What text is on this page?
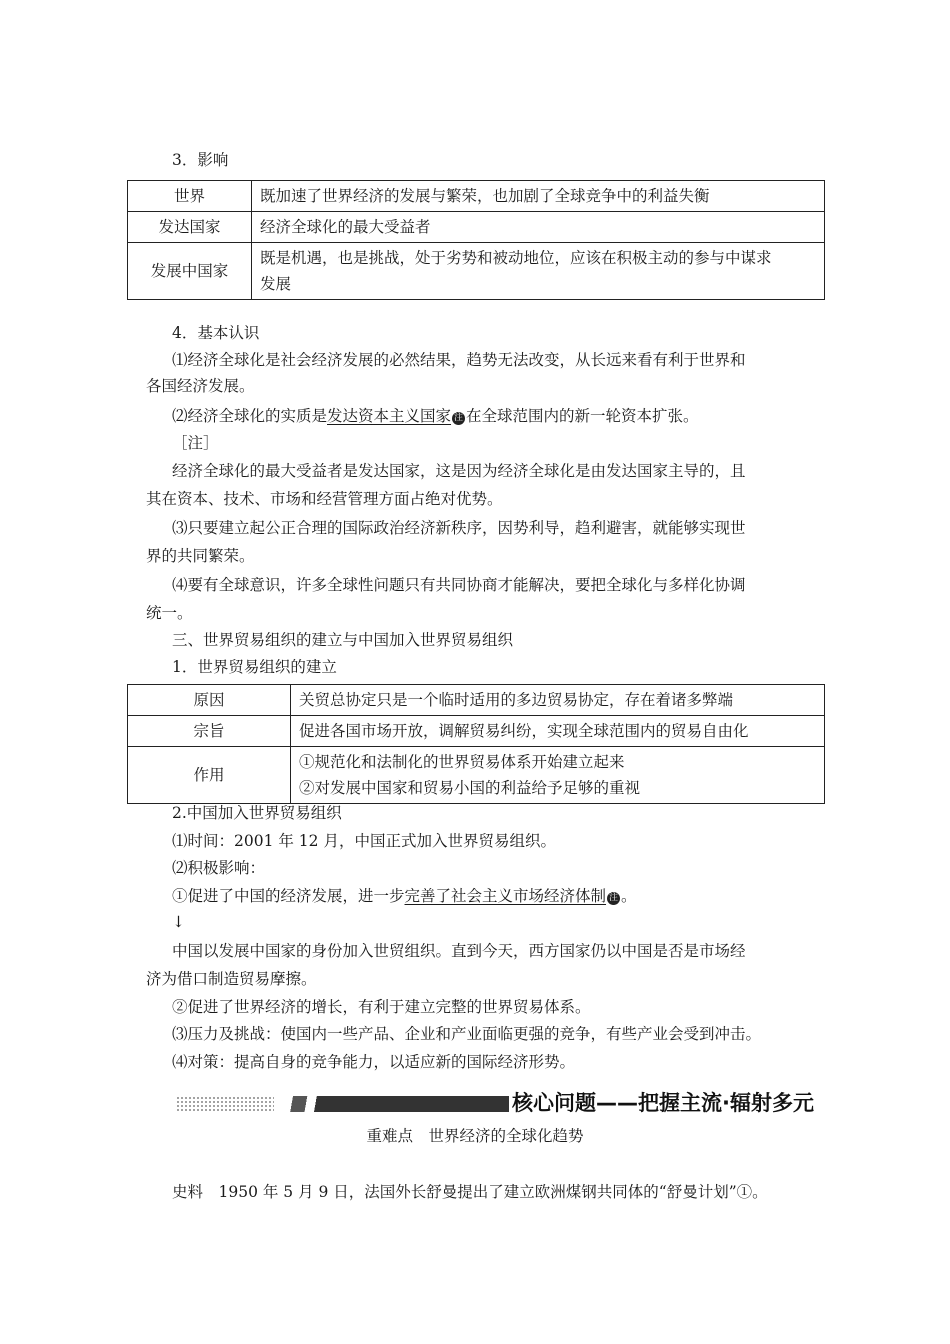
3．影响
世界	既加速了世界经济的发展与繁荣，也加剧了全球竞争中的利益失衡
发达国家	经济全球化的最大受益者
发展中国家	既是机遇，也是挑战，处于劣势和被动地位，应该在积极主动的参与中谋求
发展
4．基本认识
⑴经济全球化是社会经济发展的必然结果，趋势无法改变，从长远来看有利于世界和
各国经济发展。
⑵经济全球化的实质是发达资本主义国家 注 在全球范围内的新一轮资本扩张。
［注］
经济全球化的最大受益者是发达国家，这是因为经济全球化是由发达国家主导的，且
其在资本、技术、市场和经营管理方面占绝对优势。
⑶只要建立起公正合理的国际政治经济新秩序，因势利导，趋利避害，就能够实现世
界的共同繁荣。
⑷要有全球意识，许多全球性问题只有共同协商才能解决，要把全球化与多样化协调
统一。
三、世界贸易组织的建立与中国加入世界贸易组织
1．世界贸易组织的建立
原因	关贸总协定只是一个临时适用的多边贸易协定，存在着诸多弊端
宗旨	促进各国市场开放，调解贸易纠纷，实现全球范围内的贸易自由化
作用	①规范化和法制化的世界贸易体系开始建立起来
②对发展中国家和贸易小国的利益给予足够的重视
2.中国加入世界贸易组织
⑴时间：2001 年 12 月，中国正式加入世界贸易组织。
⑵积极影响：
①促进了中国的经济发展，进一步完善了社会主义市场经济体制 注 。
↓
中国以发展中国家的身份加入世贸组织。直到今天，西方国家仍以中国是否是市场经
济为借口制造贸易摩擦。
②促进了世界经济的增长，有利于建立完整的世界贸易体系。
⑶压力及挑战：使国内一些产品、企业和产业面临更强的竞争，有些产业会受到冲击。
⑷对策：提高自身的竞争能力，以适应新的国际经济形势。
核心问题——把握主流·辐射多元
重难点　世界经济的全球化趋势
史料　1950 年 5 月 9 日，法国外长舒曼提出了建立欧洲煤钢共同体的“舒曼计划”①。
